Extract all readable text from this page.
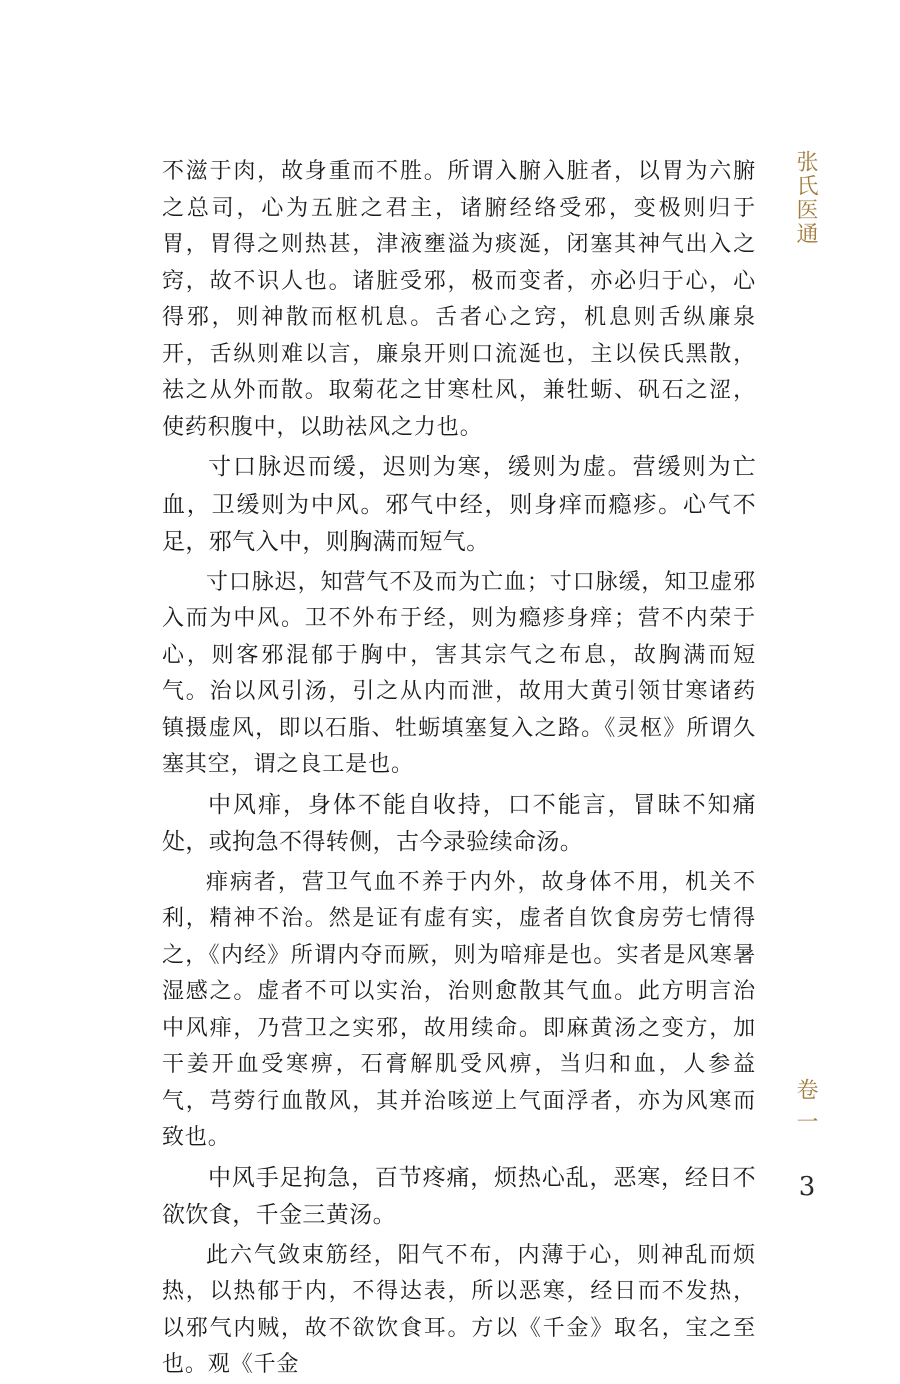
不滋于肉，故身重而不胜。所谓入腑入脏者，以胃为六腑之总司，心为五脏之君主，诸腑经络受邪，变极则归于胃，胃得之则热甚，津液壅溢为痰涎，闭塞其神气出入之窍，故不识人也。诸脏受邪，极而变者，亦必归于心，心得邪，则神散而枢机息。舌者心之窍，机息则舌纵廉泉开，舌纵则难以言，廉泉开则口流涎也，主以侯氏黑散，祛之从外而散。取菊花之甘寒杜风，兼牡蛎、矾石之涩，使药积腹中，以助祛风之力也。

寸口脉迟而缓，迟则为寒，缓则为虚。营缓则为亡血，卫缓则为中风。邪气中经，则身痒而瘾疹。心气不足，邪气入中，则胸满而短气。

寸口脉迟，知营气不及而为亡血；寸口脉缓，知卫虚邪入而为中风。卫不外布于经，则为瘾疹身痒；营不内荣于心，则客邪混郁于胸中，害其宗气之布息，故胸满而短气。治以风引汤，引之从内而泄，故用大黄引领甘寒诸药镇摄虚风，即以石脂、牡蛎填塞复入之路。《灵枢》所谓久塞其空，谓之良工是也。

中风痱，身体不能自收持，口不能言，冒昧不知痛处，或拘急不得转侧，古今录验续命汤。

痱病者，营卫气血不养于内外，故身体不用，机关不利，精神不治。然是证有虚有实，虚者自饮食房劳七情得之，《内经》所谓内夺而厥，则为喑痱是也。实者是风寒暑湿感之。虚者不可以实治，治则愈散其气血。此方明言治中风痱，乃营卫之实邪，故用续命。即麻黄汤之变方，加干姜开血受寒痹，石膏解肌受风痹，当归和血，人参益气，芎䓖行血散风，其并治咳逆上气面浮者，亦为风寒而致也。

中风手足拘急，百节疼痛，烦热心乱，恶寒，经日不欲饮食，千金三黄汤。

此六气敛束筋经，阳气不布，内薄于心，则神乱而烦热，以热郁于内，不得达表，所以恶寒，经日而不发热，以邪气内贼，故不欲饮食耳。方以《千金》取名，宝之至也。观《千金

张氏医通
卷一
3
